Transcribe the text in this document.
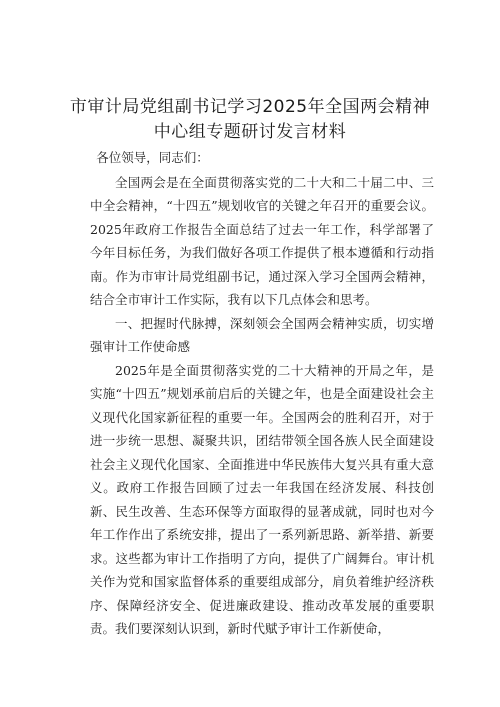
市审计局党组副书记学习2025年全国两会精神
中心组专题研讨发言材料

各位领导，同志们：

全国两会是在全面贯彻落实党的二十大和二十届二中、三中全会精神，“十四五”规划收官的关键之年召开的重要会议。2025年政府工作报告全面总结了过去一年工作，科学部署了今年目标任务，为我们做好各项工作提供了根本遵循和行动指南。作为市审计局党组副书记，通过深入学习全国两会精神，结合全市审计工作实际，我有以下几点体会和思考。

一、把握时代脉搏，深刻领会全国两会精神实质，切实增强审计工作使命感

2025年是全面贯彻落实党的二十大精神的开局之年，是实施“十四五”规划承前启后的关键之年，也是全面建设社会主义现代化国家新征程的重要一年。全国两会的胜利召开，对于进一步统一思想、凝聚共识，团结带领全国各族人民全面建设社会主义现代化国家、全面推进中华民族伟大复兴具有重大意义。政府工作报告回顾了过去一年我国在经济发展、科技创新、民生改善、生态环保等方面取得的显著成就，同时也对今年工作作出了系统安排，提出了一系列新思路、新举措、新要求。这些都为审计工作指明了方向，提供了广阔舞台。审计机关作为党和国家监督体系的重要组成部分，肩负着维护经济秩序、保障经济安全、促进廉政建设、推动改革发展的重要职责。我们要深刻认识到，新时代赋予审计工作新使命，
